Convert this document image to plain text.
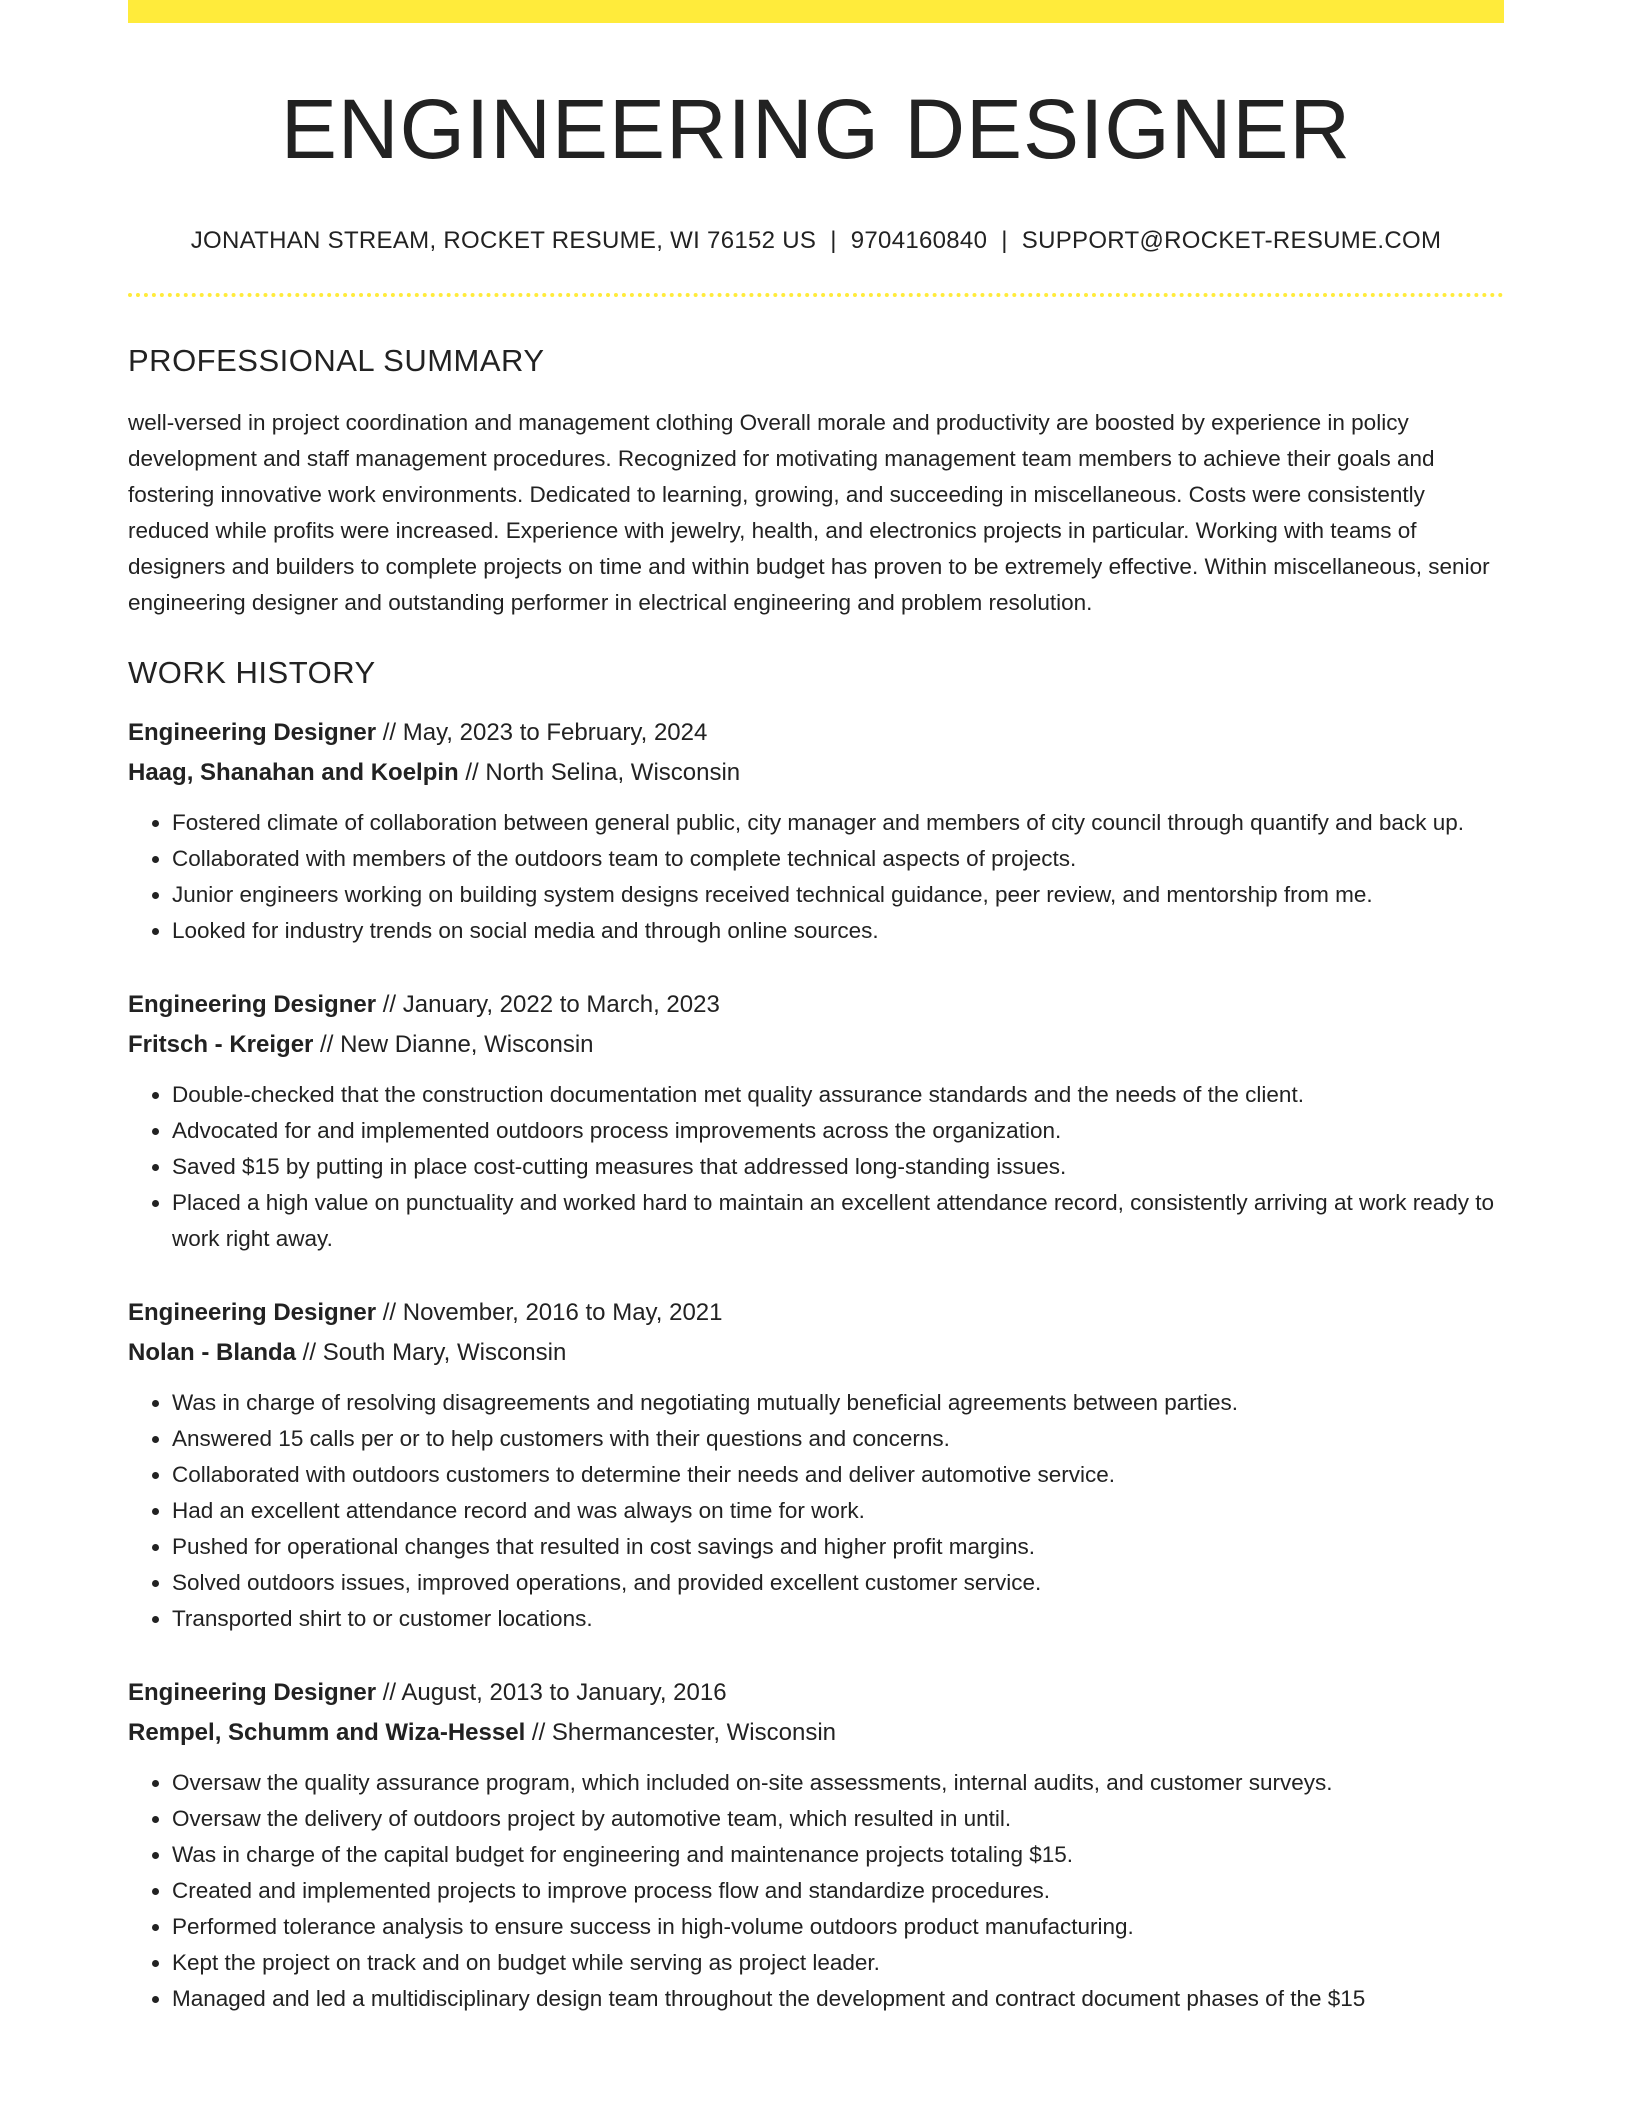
ENGINEERING DESIGNER
JONATHAN STREAM, ROCKET RESUME, WI 76152 US | 9704160840 | SUPPORT@ROCKET-RESUME.COM
PROFESSIONAL SUMMARY

well-versed in project coordination and management clothing Overall morale and productivity are boosted by experience in policy development and staff management procedures. Recognized for motivating management team members to achieve their goals and fostering innovative work environments. Dedicated to learning, growing, and succeeding in miscellaneous. Costs were consistently reduced while profits were increased. Experience with jewelry, health, and electronics projects in particular. Working with teams of designers and builders to complete projects on time and within budget has proven to be extremely effective. Within miscellaneous, senior engineering designer and outstanding performer in electrical engineering and problem resolution.

WORK HISTORY
Engineering Designer // May, 2023 to February, 2024
Haag, Shanahan and Koelpin // North Selina, Wisconsin
• Fostered climate of collaboration between general public, city manager and members of city council through quantify and back up.
• Collaborated with members of the outdoors team to complete technical aspects of projects.
• Junior engineers working on building system designs received technical guidance, peer review, and mentorship from me.
• Looked for industry trends on social media and through online sources.
Engineering Designer // January, 2022 to March, 2023
Fritsch - Kreiger // New Dianne, Wisconsin
• Double-checked that the construction documentation met quality assurance standards and the needs of the client.
• Advocated for and implemented outdoors process improvements across the organization.
• Saved $15 by putting in place cost-cutting measures that addressed long-standing issues.
• Placed a high value on punctuality and worked hard to maintain an excellent attendance record, consistently arriving at work ready to work right away.
Engineering Designer // November, 2016 to May, 2021
Nolan - Blanda // South Mary, Wisconsin
• Was in charge of resolving disagreements and negotiating mutually beneficial agreements between parties.
• Answered 15 calls per or to help customers with their questions and concerns.
• Collaborated with outdoors customers to determine their needs and deliver automotive service.
• Had an excellent attendance record and was always on time for work.
• Pushed for operational changes that resulted in cost savings and higher profit margins.
• Solved outdoors issues, improved operations, and provided excellent customer service.
• Transported shirt to or customer locations.
Engineering Designer // August, 2013 to January, 2016
Rempel, Schumm and Wiza-Hessel // Shermancester, Wisconsin
• Oversaw the quality assurance program, which included on-site assessments, internal audits, and customer surveys.
• Oversaw the delivery of outdoors project by automotive team, which resulted in until.
• Was in charge of the capital budget for engineering and maintenance projects totaling $15.
• Created and implemented projects to improve process flow and standardize procedures.
• Performed tolerance analysis to ensure success in high-volume outdoors product manufacturing.
• Kept the project on track and on budget while serving as project leader.
• Managed and led a multidisciplinary design team throughout the development and contract document phases of the $15
